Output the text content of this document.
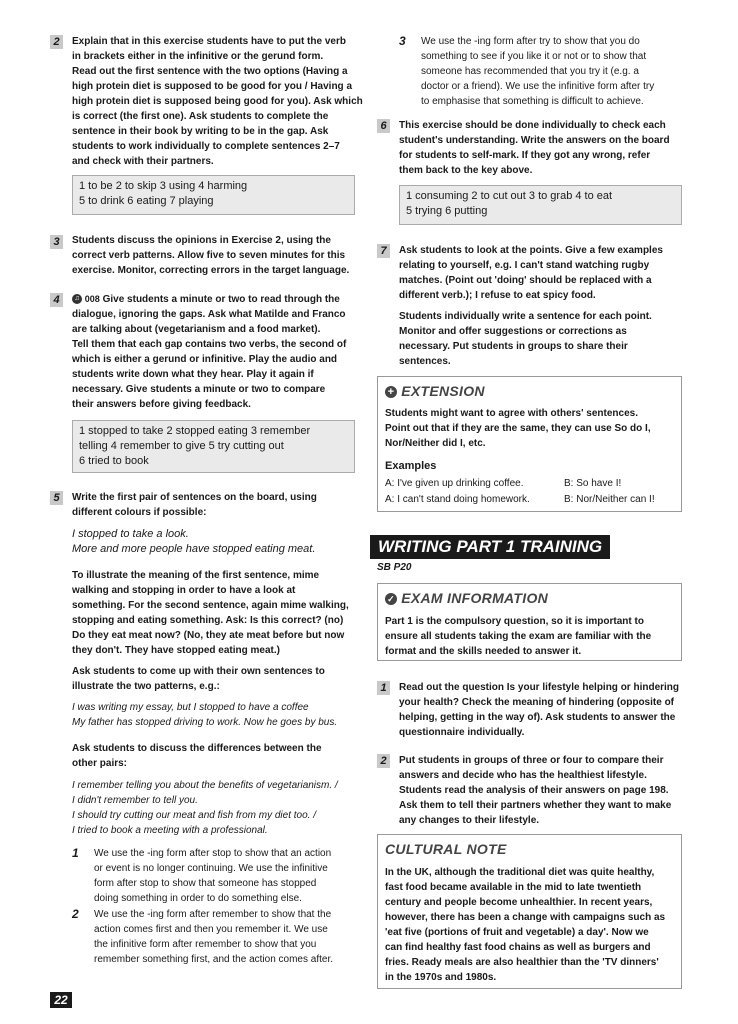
2	Explain that in this exercise students have to put the verb
in brackets either in the infinitive or the gerund form.
Read out the first sentence with the two options (Having a
high protein diet is supposed to be good for you / Having a
high protein diet is supposed being good for you). Ask which
is correct (the first one). Ask students to complete the
sentence in their book by writing to be in the gap. Ask
students to work individually to complete sentences 2–7
and check with their partners.
1 to be 2 to skip 3 using 4 harming
5 to drink 6 eating 7 playing
3	Students discuss the opinions in Exercise 2, using the
correct verb patterns. Allow five to seven minutes for this
exercise. Monitor, correcting errors in the target language.
4	♫ 008 Give students a minute or two to read through the
dialogue, ignoring the gaps. Ask what Matilde and Franco
are talking about (vegetarianism and a food market).
Tell them that each gap contains two verbs, the second of
which is either a gerund or infinitive. Play the audio and
students write down what they hear. Play it again if
necessary. Give students a minute or two to compare
their answers before giving feedback.
1 stopped to take 2 stopped eating 3 remember
telling 4 remember to give 5 try cutting out
6 tried to book
5	Write the first pair of sentences on the board, using
different colours if possible:
I stopped to take a look.
More and more people have stopped eating meat.
To illustrate the meaning of the first sentence, mime
walking and stopping in order to have a look at
something. For the second sentence, again mime walking,
stopping and eating something. Ask: Is this correct? (no)
Do they eat meat now? (No, they ate meat before but now
they don't. They have stopped eating meat.)
Ask students to come up with their own sentences to
illustrate the two patterns, e.g.:
I was writing my essay, but I stopped to have a coffee
My father has stopped driving to work. Now he goes by bus.
Ask students to discuss the differences between the
other pairs:
I remember telling you about the benefits of vegetarianism. /
I didn't remember to tell you.
I should try cutting our meat and fish from my diet too. /
I tried to book a meeting with a professional.
1 We use the -ing form after stop to show that an action
or event is no longer continuing. We use the infinitive
form after stop to show that someone has stopped
doing something in order to do something else.
2 We use the -ing form after remember to show that the
action comes first and then you remember it. We use
the infinitive form after remember to show that you
remember something first, and the action comes after.
22
3 We use the -ing form after try to show that you do
something to see if you like it or not or to show that
someone has recommended that you try it (e.g. a
doctor or a friend). We use the infinitive form after try
to emphasise that something is difficult to achieve.
6	This exercise should be done individually to check each
student's understanding. Write the answers on the board
for students to self-mark. If they got any wrong, refer
them back to the key above.
1 consuming 2 to cut out 3 to grab 4 to eat
5 trying 6 putting
7	Ask students to look at the points. Give a few examples
relating to yourself, e.g. I can't stand watching rugby
matches. (Point out 'doing' should be replaced with a
different verb.); I refuse to eat spicy food.
Students individually write a sentence for each point.
Monitor and offer suggestions or corrections as
necessary. Put students in groups to share their
sentences.
+ EXTENSION
Students might want to agree with others' sentences.
Point out that if they are the same, they can use So do I,
Nor/Neither did I, etc.
Examples
A: I've given up drinking coffee.	B: So have I!
A: I can't stand doing homework.	B: Nor/Neither can I!
WRITING PART 1 TRAINING
SB P20
✓ EXAM INFORMATION
Part 1 is the compulsory question, so it is important to
ensure all students taking the exam are familiar with the
format and the skills needed to answer it.
1	Read out the question Is your lifestyle helping or hindering
your health? Check the meaning of hindering (opposite of
helping, getting in the way of). Ask students to answer the
questionnaire individually.
2	Put students in groups of three or four to compare their
answers and decide who has the healthiest lifestyle.
Students read the analysis of their answers on page 198.
Ask them to tell their partners whether they want to make
any changes to their lifestyle.
CULTURAL NOTE
In the UK, although the traditional diet was quite healthy,
fast food became available in the mid to late twentieth
century and people become unhealthier. In recent years,
however, there has been a change with campaigns such as
'eat five (portions of fruit and vegetable) a day'. Now we
can find healthy fast food chains as well as burgers and
fries. Ready meals are also healthier than the 'TV dinners'
in the 1970s and 1980s.
